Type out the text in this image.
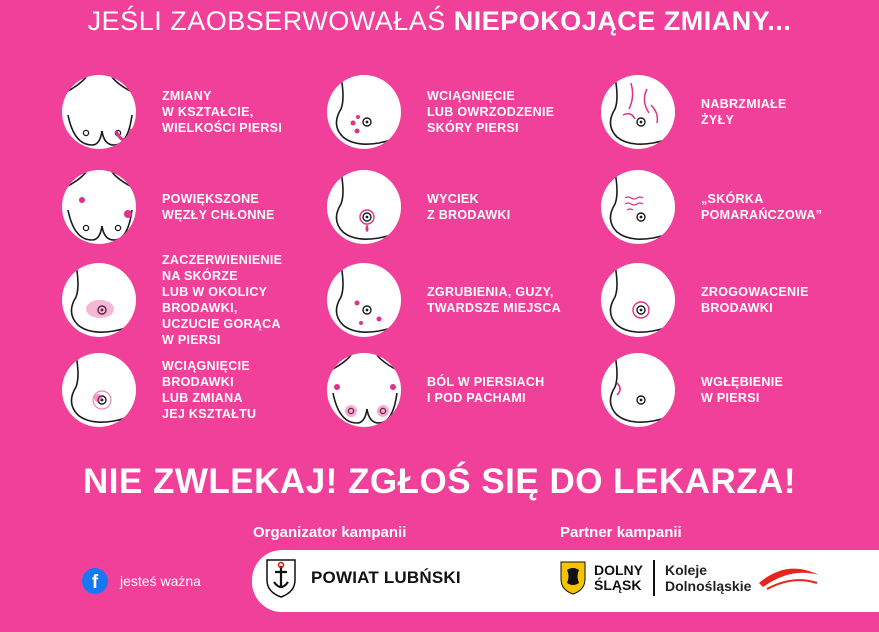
JEŚLI ZAOBSERWOWAŁAŚ NIEPOKOJĄCE ZMIANY...
ZMIANY
W KSZTAŁCIE,
WIELKOŚCI PIERSI
WCIĄGNIĘCIE
LUB OWRZODZENIE
SKÓRY PIERSI
NABRZMIAŁE
ŻYŁY
POWIĘKSZONE
WĘZŁY CHŁONNE
WYCIEK
Z BRODAWKI
„SKÓRKA
POMARAŃCZOWA”
ZACZERWIENIENIE
NA SKÓRZE
LUB W OKOLICY
BRODAWKI,
UCZUCIE GORĄCA
W PIERSI
ZGRUBIENIA, GUZY,
TWARDSZE MIEJSCA
ZROGOWACENIE
BRODAWKI
WCIĄGNIĘCIE
BRODAWKI
LUB ZMIANA
JEJ KSZTAŁTU
BÓL W PIERSIACH
I POD PACHAMI
WGŁĘBIENIE
W PIERSI
NIE ZWLEKAJ! ZGŁOŚ SIĘ DO LEKARZA!
Organizator kampanii	Partner kampanii
f	jesteś ważna	POWIAT LUBŃSKI	DOLNY
ŚLĄSK
Koleje
Dolnośląskie
